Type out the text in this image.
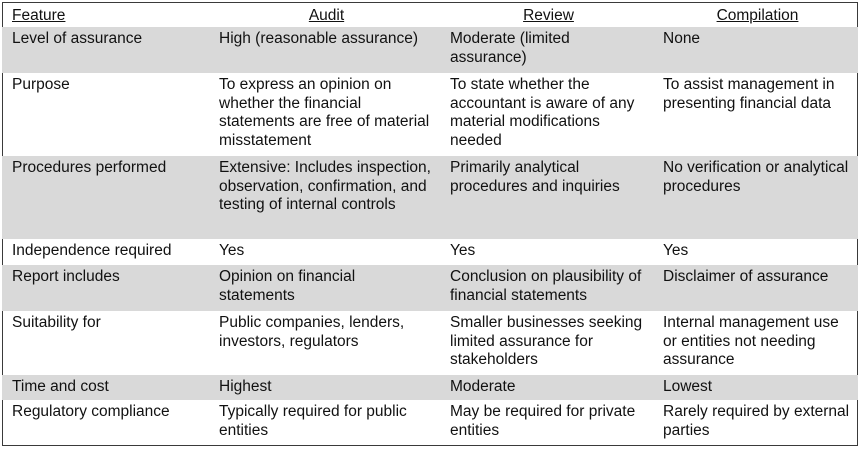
Feature	Audit	Review	Compilation
Level of assurance	High (reasonable assurance)	Moderate (limited assurance)	None
Purpose	To express an opinion on whether the financial statements are free of material misstatement	To state whether the accountant is aware of any material modifications needed	To assist management in presenting financial data
Procedures performed	Extensive: Includes inspection, observation, confirmation, and testing of internal controls	Primarily analytical procedures and inquiries	No verification or analytical procedures
Independence required	Yes	Yes	Yes
Report includes	Opinion on financial statements	Conclusion on plausibility of financial statements	Disclaimer of assurance
Suitability for	Public companies, lenders, investors, regulators	Smaller businesses seeking limited assurance for stakeholders	Internal management use or entities not needing assurance
Time and cost	Highest	Moderate	Lowest
Regulatory compliance	Typically required for public entities	May be required for private entities	Rarely required by external parties
